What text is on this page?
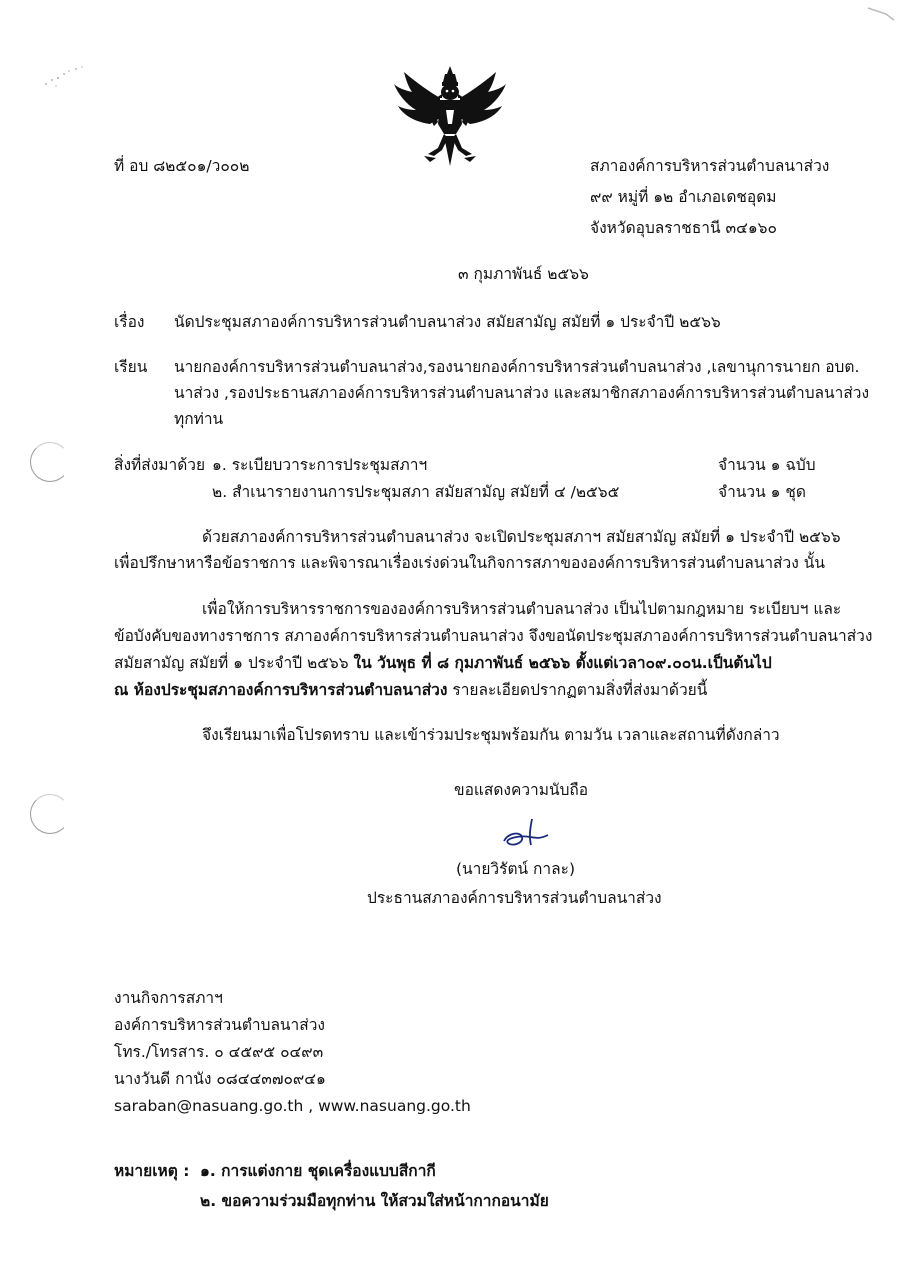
ที่ อบ ๘๒๕๐๑/ว๐๐๒	สภาองค์การบริหารส่วนตำบลนาส่วง
๙๙ หมู่ที่ ๑๒ อำเภอเดชอุดม
จังหวัดอุบลราชธานี ๓๔๑๖๐
๓ กุมภาพันธ์ ๒๕๖๖
เรื่อง นัดประชุมสภาองค์การบริหารส่วนตำบลนาส่วง สมัยสามัญ สมัยที่ ๑ ประจำปี ๒๕๖๖
เรียน นายกองค์การบริหารส่วนตำบลนาส่วง,รองนายกองค์การบริหารส่วนตำบลนาส่วง ,เลขานุการนายก อบต.
นาส่วง ,รองประธานสภาองค์การบริหารส่วนตำบลนาส่วง และสมาชิกสภาองค์การบริหารส่วนตำบลนาส่วง
ทุกท่าน
สิ่งที่ส่งมาด้วย ๑. ระเบียบวาระการประชุมสภาฯ	จำนวน ๑ ฉบับ
๒. สำเนารายงานการประชุมสภา สมัยสามัญ สมัยที่ ๔ /๒๕๖๕	จำนวน ๑ ชุด
ด้วยสภาองค์การบริหารส่วนตำบลนาส่วง จะเปิดประชุมสภาฯ สมัยสามัญ สมัยที่ ๑ ประจำปี ๒๕๖๖
เพื่อปรึกษาหารือข้อราชการ และพิจารณาเรื่องเร่งด่วนในกิจการสภาขององค์การบริหารส่วนตำบลนาส่วง นั้น
เพื่อให้การบริหารราชการขององค์การบริหารส่วนตำบลนาส่วง เป็นไปตามกฎหมาย ระเบียบฯ และ
ข้อบังคับของทางราชการ สภาองค์การบริหารส่วนตำบลนาส่วง จึงขอนัดประชุมสภาองค์การบริหารส่วนตำบลนาส่วง
สมัยสามัญ สมัยที่ ๑ ประจำปี ๒๕๖๖ ใน วันพุธ ที่ ๘ กุมภาพันธ์ ๒๕๖๖ ตั้งแต่เวลา๐๙.๐๐น.เป็นต้นไป
ณ ห้องประชุมสภาองค์การบริหารส่วนตำบลนาส่วง รายละเอียดปรากฏตามสิ่งที่ส่งมาด้วยนี้
จึงเรียนมาเพื่อโปรดทราบ และเข้าร่วมประชุมพร้อมกัน ตามวัน เวลาและสถานที่ดังกล่าว
ขอแสดงความนับถือ
(นายวิรัตน์ กาละ)
ประธานสภาองค์การบริหารส่วนตำบลนาส่วง
งานกิจการสภาฯ
องค์การบริหารส่วนตำบลนาส่วง
โทร./โทรสาร. ๐ ๔๕๙๕ ๐๔๙๓
นางวันดี กานัง ๐๘๔๔๓๗๐๙๔๑
saraban@nasuang.go.th , www.nasuang.go.th
หมายเหตุ : ๑. การแต่งกาย ชุดเครื่องแบบสีกากี
๒. ขอความร่วมมือทุกท่าน ให้สวมใส่หน้ากากอนามัย
